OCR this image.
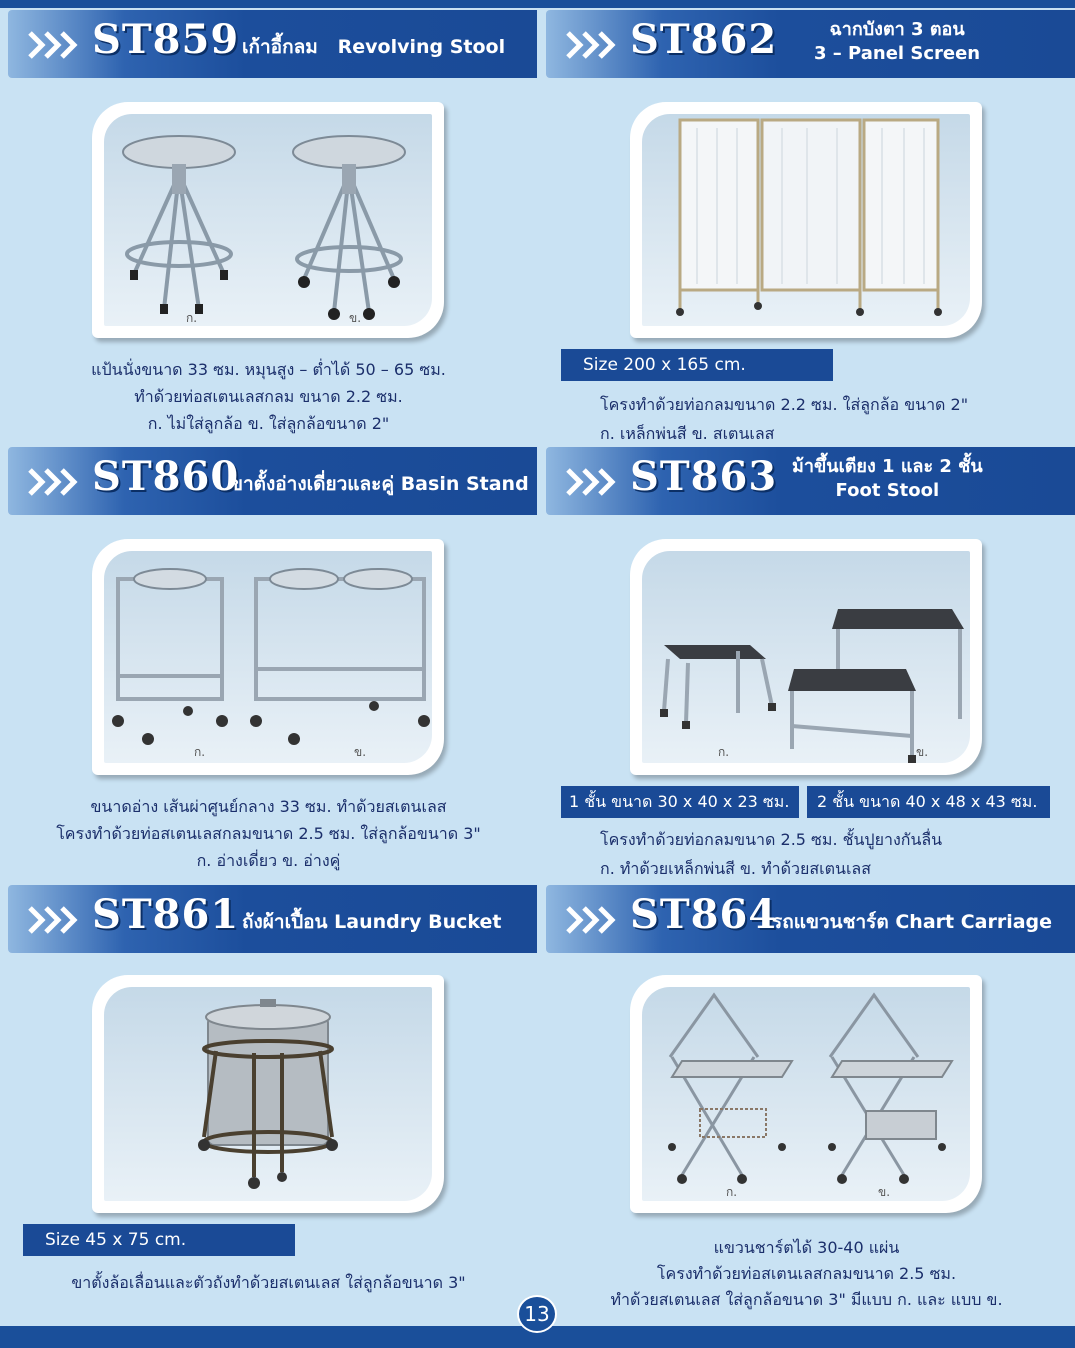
ST859 เก้าอี้กลม Revolving Stool
ก.	ข.
แป้นนั่งขนาด 33 ซม. หมุนสูง – ต่ำได้ 50 – 65 ซม.
ทำด้วยท่อสเตนเลสกลม ขนาด 2.2 ซม.
ก. ไม่ใส่ลูกล้อ ข. ใส่ลูกล้อขนาด 2"
ST862	ฉากบังตา 3 ตอน
3 – Panel Screen
Size 200 x 165 cm.
โครงทำด้วยท่อกลมขนาด 2.2 ซม. ใส่ลูกล้อ ขนาด 2"
ก. เหล็กพ่นสี ข. สเตนเลส
ST860
ขาตั้งอ่างเดี่ยวและคู่ Basin Stand
ก.	ข.
ขนาดอ่าง เส้นผ่าศูนย์กลาง 33 ซม. ทำด้วยสเตนเลส
โครงทำด้วยท่อสเตนเลสกลมขนาด 2.5 ซม. ใส่ลูกล้อขนาด 3"
ก. อ่างเดี่ยว ข. อ่างคู่
ST863 ม้าขึ้นเตียง 1 และ 2 ชั้น
Foot Stool
ก.	ข.
1 ชั้น ขนาด 30 x 40 x 23 ซม.	2 ชั้น ขนาด 40 x 48 x 43 ซม.
โครงทำด้วยท่อกลมขนาด 2.5 ซม. ชั้นปูยางกันลื่น
ก. ทำด้วยเหล็กพ่นสี ข. ทำด้วยสเตนเลส
ST861 ถังผ้าเปื้อน Laundry Bucket
Size 45 x 75 cm.
ขาตั้งล้อเลื่อนและตัวถังทำด้วยสเตนเลส ใส่ลูกล้อขนาด 3"
ST864
รถแขวนชาร์ต Chart Carriage
ก.	ข.
แขวนชาร์ตได้ 30-40 แผ่น
โครงทำด้วยท่อสเตนเลสกลมขนาด 2.5 ซม.
ทำด้วยสเตนเลส ใส่ลูกล้อขนาด 3" มีแบบ ก. และ แบบ ข.
13
